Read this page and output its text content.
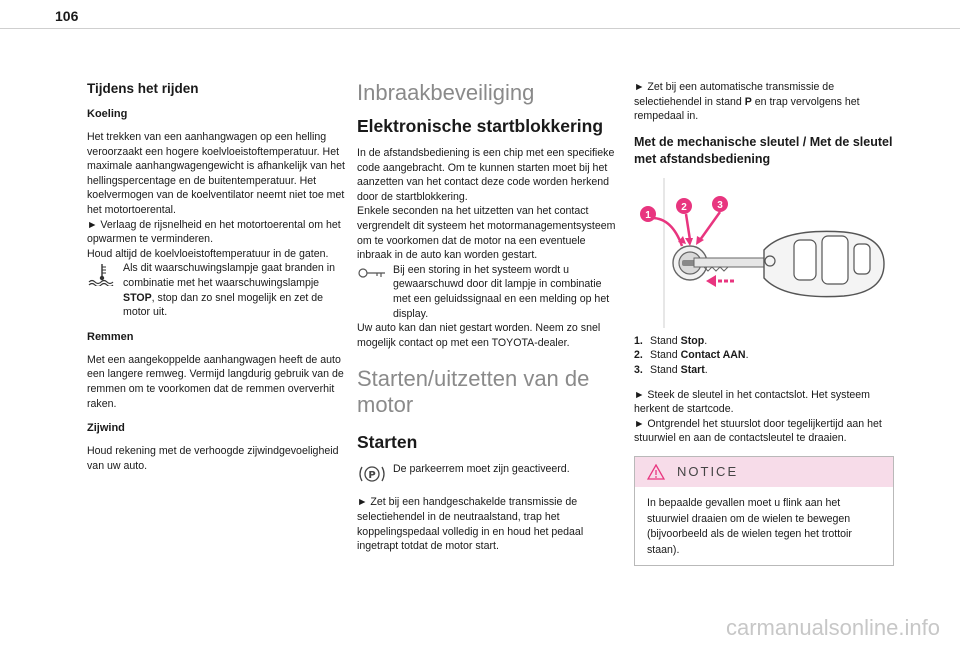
106
Tijdens het rijden
Koeling
Het trekken van een aanhangwagen op een helling veroorzaakt een hogere koelvloeistoftemperatuur. Het maximale aanhangwagengewicht is afhankelijk van het hellingspercentage en de buitentemperatuur. Het koelvermogen van de koelventilator neemt niet toe met het motortoerental.
► Verlaag de rijsnelheid en het motortoerental om het opwarmen te verminderen.
Houd altijd de koelvloeistoftemperatuur in de gaten.
Als dit waarschuwingslampje gaat branden in combinatie met het waarschuwingslampje STOP, stop dan zo snel mogelijk en zet de motor uit.
Remmen

Met een aangekoppelde aanhangwagen heeft de auto een langere remweg. Vermijd langdurig gebruik van de remmen om te voorkomen dat de remmen oververhit raken.

Zijwind

Houd rekening met de verhoogde zijwindgevoeligheid van uw auto.

Inbraakbeveiliging
Elektronische startblokkering
In de afstandsbediening is een chip met een specifieke code aangebracht. Om te kunnen starten moet bij het aanzetten van het contact deze code worden herkend door de startblokkering.
Enkele seconden na het uitzetten van het contact vergrendelt dit systeem het motormanagementsysteem om te voorkomen dat de motor na een eventuele inbraak in de auto kan worden gestart.
Bij een storing in het systeem wordt u gewaarschuwd door dit lampje in combinatie met een geluidssignaal en een melding op het display.

Uw auto kan dan niet gestart worden. Neem zo snel mogelijk contact op met een TOYOTA-dealer.

Starten/uitzetten van de motor
Starten
P
De parkeerrem moet zijn geactiveerd.

► Zet bij een handgeschakelde transmissie de selectiehendel in de neutraalstand, trap het koppelingspedaal volledig in en houd het pedaal ingetrapt totdat de motor start.

► Zet bij een automatische transmissie de selectiehendel in stand P en trap vervolgens het rempedaal in.

Met de mechanische sleutel / Met de sleutel met afstandsbediening
1
2	3
1. Stand Stop.
2. Stand Contact AAN.
3. Stand Start.
► Steek de sleutel in het contactslot. Het systeem herkent de startcode.

► Ontgrendel het stuurslot door tegelijkertijd aan het stuurwiel en aan de contactsleutel te draaien.

NOTICE
In bepaalde gevallen moet u flink aan het stuurwiel draaien om de wielen te bewegen (bijvoorbeeld als de wielen tegen het trottoir staan).
carmanualsonline.info
